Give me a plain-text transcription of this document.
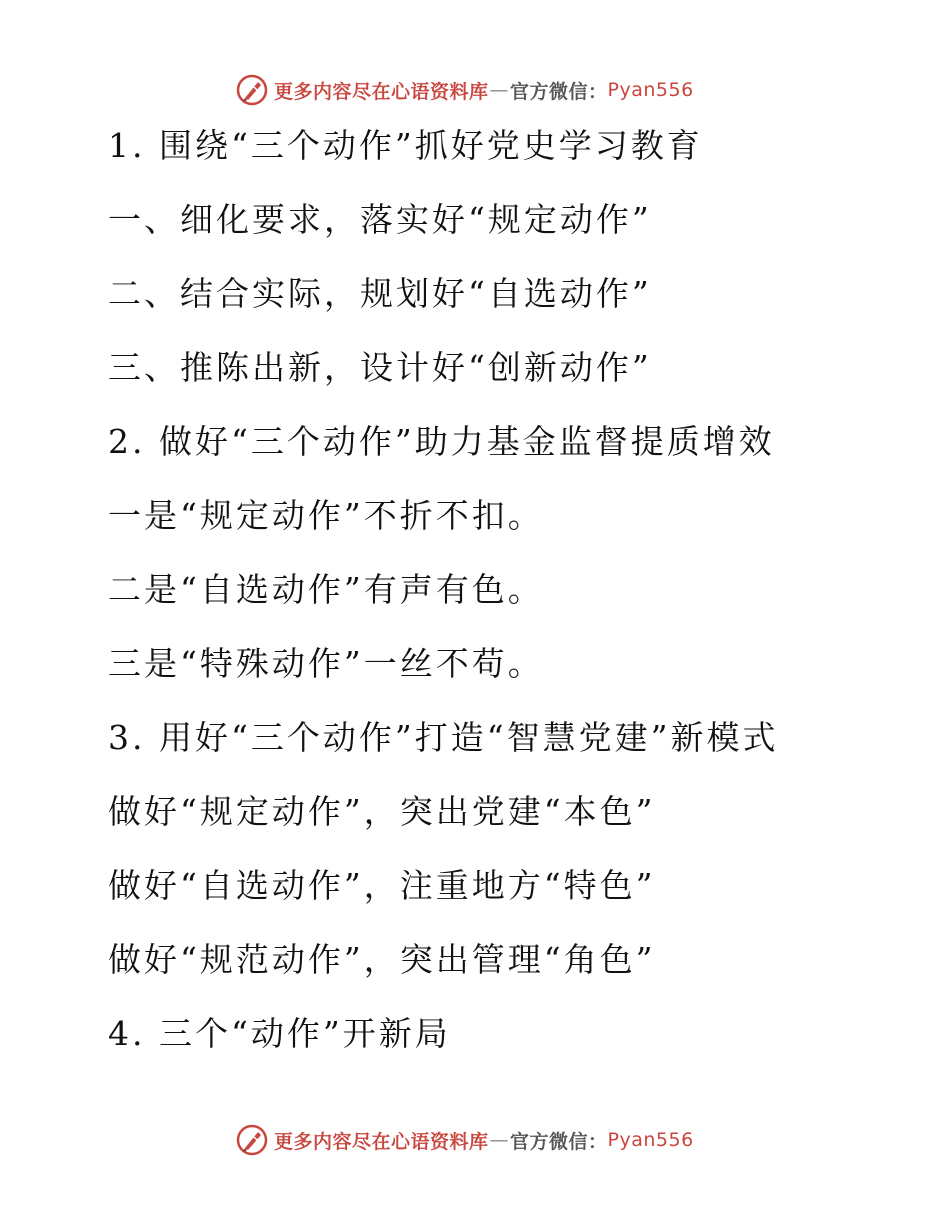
更多内容尽在心语资料库 — 官方微信： Pyan556
1. 围绕“三个动作”抓好党史学习教育
一、细化要求，落实好“规定动作”
二、结合实际，规划好“自选动作”
三、推陈出新，设计好“创新动作”
2. 做好“三个动作”助力基金监督提质增效
一是“规定动作”不折不扣。
二是“自选动作”有声有色。
三是“特殊动作”一丝不苟。
3. 用好“三个动作”打造“智慧党建”新模式
做好“规定动作”，突出党建“本色”
做好“自选动作”，注重地方“特色”
做好“规范动作”，突出管理“角色”
4. 三个“动作”开新局
更多内容尽在心语资料库 — 官方微信： Pyan556
